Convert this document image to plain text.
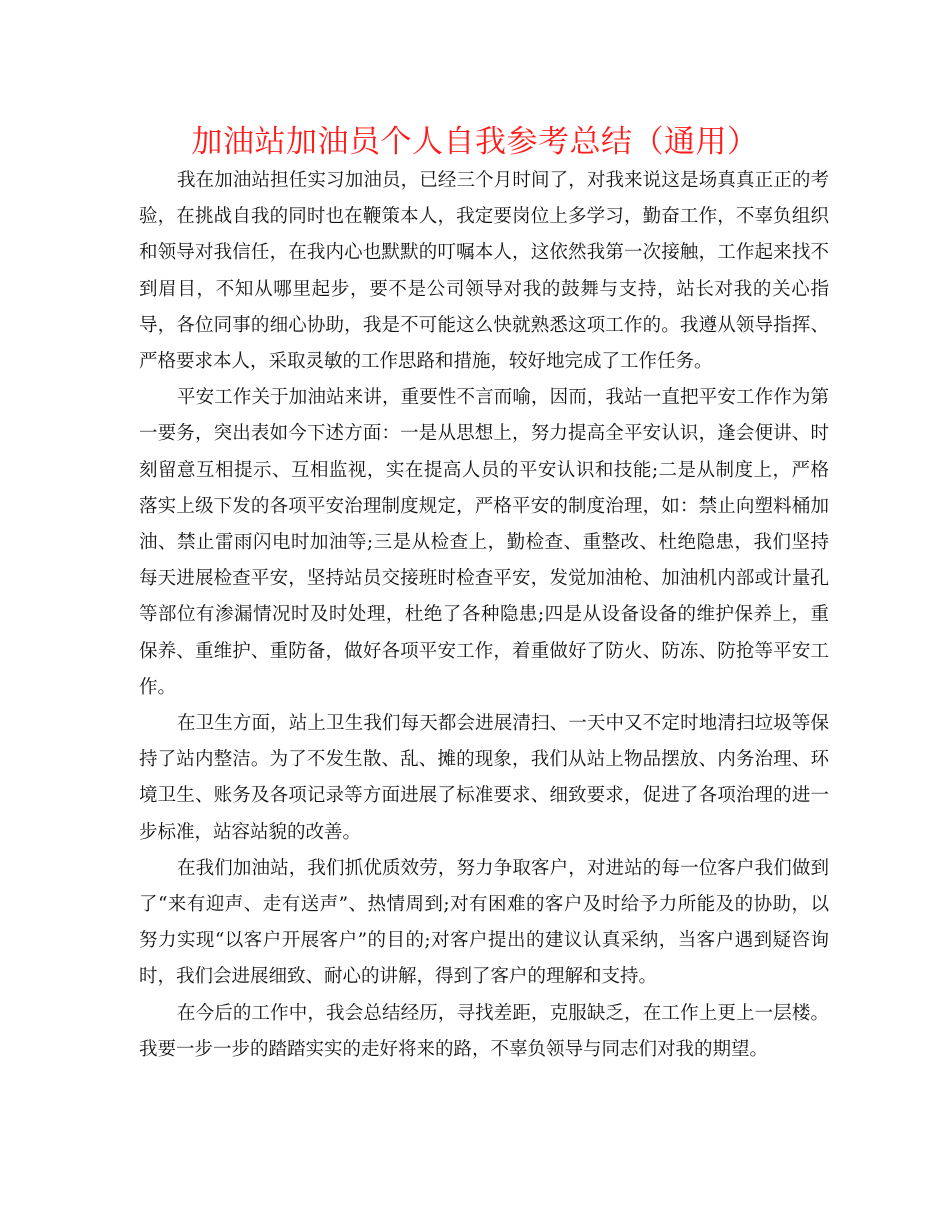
加油站加油员个人自我参考总结（通用）

我在加油站担任实习加油员，已经三个月时间了，对我来说这是场真真正正的考验，在挑战自我的同时也在鞭策本人，我定要岗位上多学习，勤奋工作，不辜负组织和领导对我信任，在我内心也默默的叮嘱本人，这依然我第一次接触，工作起来找不到眉目，不知从哪里起步，要不是公司领导对我的鼓舞与支持，站长对我的关心指导，各位同事的细心协助，我是不可能这么快就熟悉这项工作的。我遵从领导指挥、严格要求本人，采取灵敏的工作思路和措施，较好地完成了工作任务。

平安工作关于加油站来讲，重要性不言而喻，因而，我站一直把平安工作作为第一要务，突出表如今下述方面：一是从思想上，努力提高全平安认识，逢会便讲、时刻留意互相提示、互相监视，实在提高人员的平安认识和技能;二是从制度上，严格落实上级下发的各项平安治理制度规定，严格平安的制度治理，如：禁止向塑料桶加油、禁止雷雨闪电时加油等;三是从检查上，勤检查、重整改、杜绝隐患，我们坚持每天进展检查平安，坚持站员交接班时检查平安，发觉加油枪、加油机内部或计量孔等部位有渗漏情况时及时处理，杜绝了各种隐患;四是从设备设备的维护保养上，重保养、重维护、重防备，做好各项平安工作，着重做好了防火、防冻、防抢等平安工作。

在卫生方面，站上卫生我们每天都会进展清扫、一天中又不定时地清扫垃圾等保持了站内整洁。为了不发生散、乱、摊的现象，我们从站上物品摆放、内务治理、环境卫生、账务及各项记录等方面进展了标准要求、细致要求，促进了各项治理的进一步标准，站容站貌的改善。

在我们加油站，我们抓优质效劳，努力争取客户，对进站的每一位客户我们做到了“来有迎声、走有送声”、热情周到;对有困难的客户及时给予力所能及的协助，以努力实现“以客户开展客户”的目的;对客户提出的建议认真采纳，当客户遇到疑咨询时，我们会进展细致、耐心的讲解，得到了客户的理解和支持。

在今后的工作中，我会总结经历，寻找差距，克服缺乏，在工作上更上一层楼。我要一步一步的踏踏实实的走好将来的路，不辜负领导与同志们对我的期望。
